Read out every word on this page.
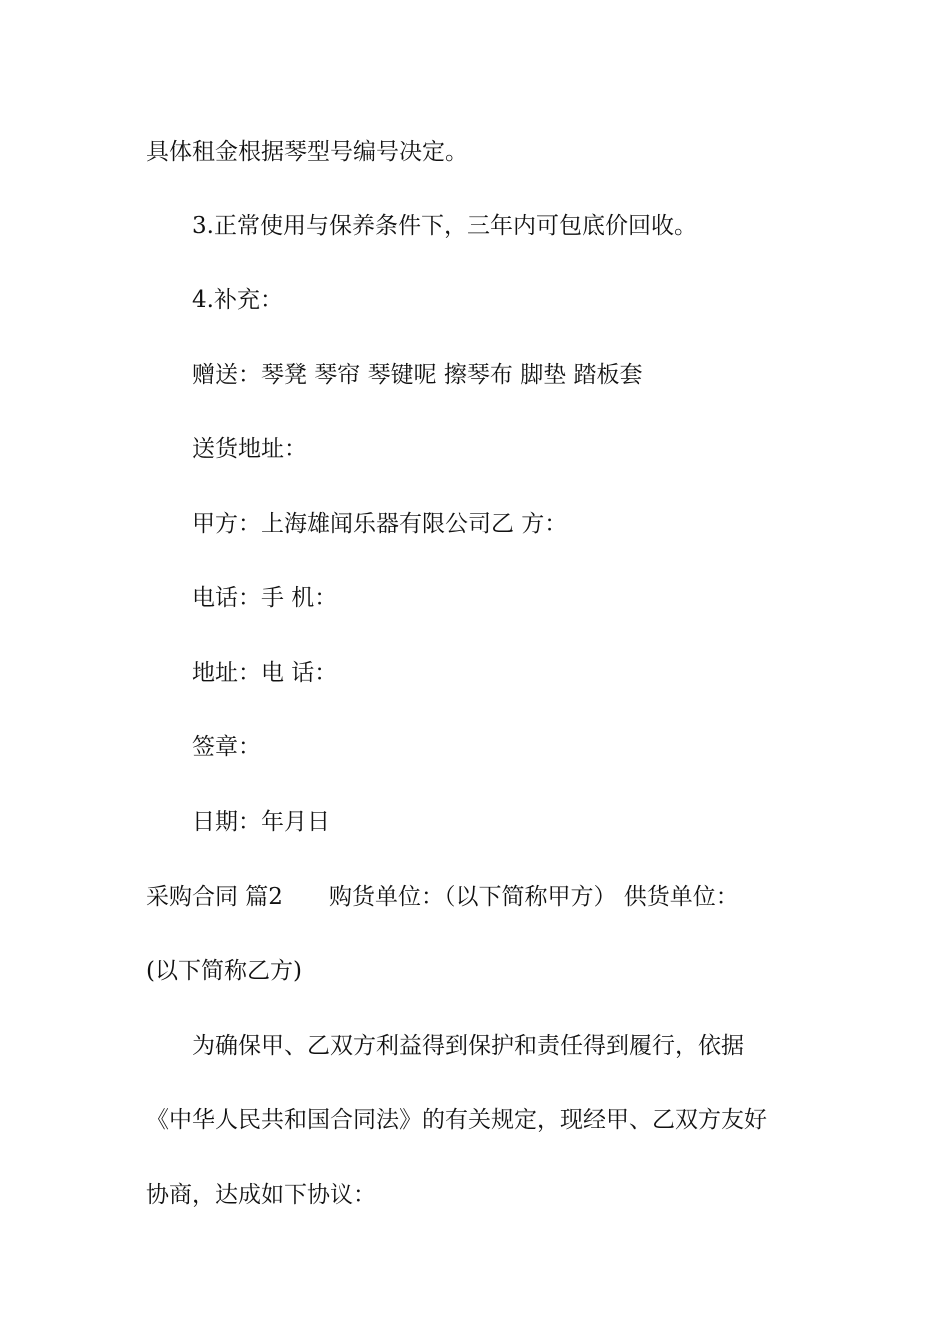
具体租金根据琴型号编号决定。

3.正常使用与保养条件下，三年内可包底价回收。

4.补充：

赠送：琴凳 琴帘 琴键呢 擦琴布 脚垫 踏板套

送货地址：

甲方：上海雄闻乐器有限公司乙 方：

电话：手 机：

地址：电 话：

签章：

日期：年月日

采购合同 篇2　　购货单位：（以下简称甲方） 供货单位：

(以下简称乙方)

为确保甲、乙双方利益得到保护和责任得到履行，依据

《中华人民共和国合同法》的有关规定，现经甲、乙双方友好

协商，达成如下协议：
